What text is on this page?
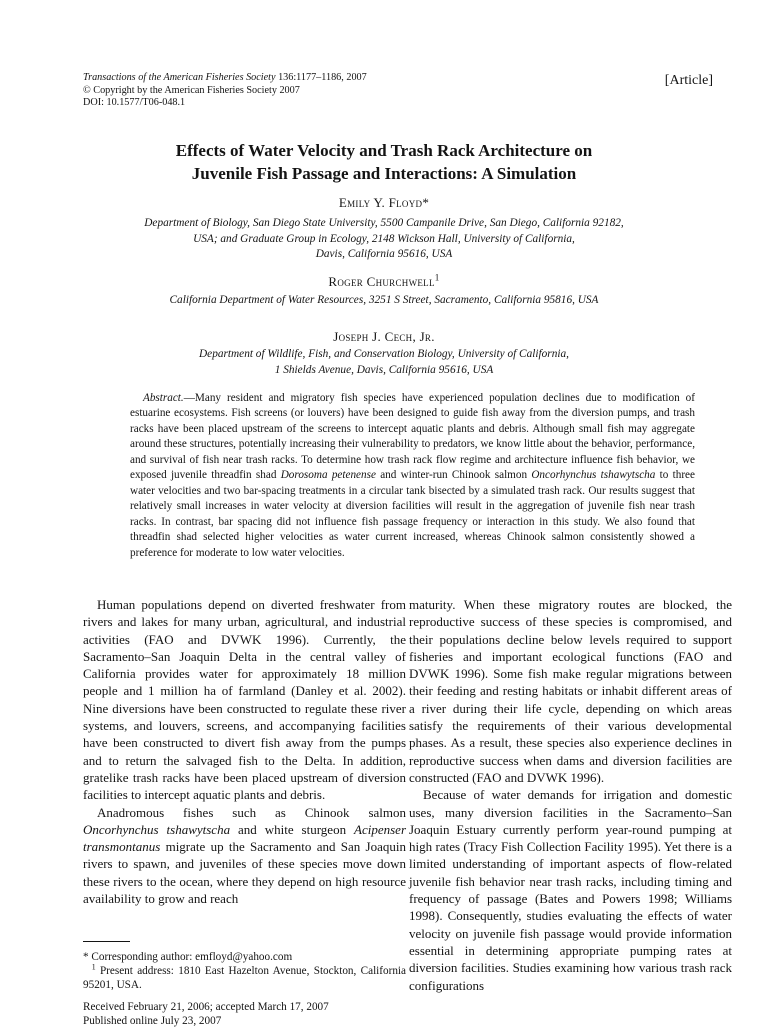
Transactions of the American Fisheries Society 136:1177–1186, 2007
© Copyright by the American Fisheries Society 2007
DOI: 10.1577/T06-048.1
[Article]
Effects of Water Velocity and Trash Rack Architecture on
Juvenile Fish Passage and Interactions: A Simulation
Emily Y. Floyd*
Department of Biology, San Diego State University, 5500 Campanile Drive, San Diego, California 92182,
USA; and Graduate Group in Ecology, 2148 Wickson Hall, University of California,
Davis, California 95616, USA
Roger Churchwell$^1$
California Department of Water Resources, 3251 S Street, Sacramento, California 95816, USA
Joseph J. Cech, Jr.
Department of Wildlife, Fish, and Conservation Biology, University of California,
1 Shields Avenue, Davis, California 95616, USA
Abstract.—Many resident and migratory fish species have experienced population declines due to modification of estuarine ecosystems. Fish screens (or louvers) have been designed to guide fish away from the diversion pumps, and trash racks have been placed upstream of the screens to intercept aquatic plants and debris. Although small fish may aggregate around these structures, potentially increasing their vulnerability to predators, we know little about the behavior, performance, and survival of fish near trash racks. To determine how trash rack flow regime and architecture influence fish behavior, we exposed juvenile threadfin shad Dorosoma petenense and winter-run Chinook salmon Oncorhynchus tshawytscha to three water velocities and two bar-spacing treatments in a circular tank bisected by a simulated trash rack. Our results suggest that relatively small increases in water velocity at diversion facilities will result in the aggregation of juvenile fish near trash racks. In contrast, bar spacing did not influence fish passage frequency or interaction in this study. We also found that threadfin shad selected higher velocities as water current increased, whereas Chinook salmon consistently showed a preference for moderate to low water velocities.

Human populations depend on diverted freshwater from rivers and lakes for many urban, agricultural, and industrial activities (FAO and DVWK 1996). Currently, the Sacramento–San Joaquin Delta in the central valley of California provides water for approximately 18 million people and 1 million ha of farmland (Danley et al. 2002). Nine diversions have been constructed to regulate these river systems, and louvers, screens, and accompanying facilities have been constructed to divert fish away from the pumps and to return the salvaged fish to the Delta. In addition, gratelike trash racks have been placed upstream of diversion facilities to intercept aquatic plants and debris.

Anadromous fishes such as Chinook salmon Oncorhynchus tshawytscha and white sturgeon Acipenser transmontanus migrate up the Sacramento and San Joaquin rivers to spawn, and juveniles of these species move down these rivers to the ocean, where they depend on high resource availability to grow and reach

maturity. When these migratory routes are blocked, the reproductive success of these species is compromised, and their populations decline below levels required to support fisheries and important ecological functions (FAO and DVWK 1996). Some fish make regular migrations between their feeding and resting habitats or inhabit different areas of a river during their life cycle, depending on which areas satisfy the requirements of their various developmental phases. As a result, these species also experience declines in reproductive success when dams and diversion facilities are constructed (FAO and DVWK 1996).

Because of water demands for irrigation and domestic uses, many diversion facilities in the Sacramento–San Joaquin Estuary currently perform year-round pumping at high rates (Tracy Fish Collection Facility 1995). Yet there is a limited understanding of important aspects of flow-related juvenile fish behavior near trash racks, including timing and frequency of passage (Bates and Powers 1998; Williams 1998). Consequently, studies evaluating the effects of water velocity on juvenile fish passage would provide information essential in determining appropriate pumping rates at diversion facilities. Studies examining how various trash rack configurations

* Corresponding author: emfloyd@yahoo.com

$^1$ Present address: 1810 East Hazelton Avenue, Stockton, California 95201, USA.

Received February 21, 2006; accepted March 17, 2007

Published online July 23, 2007
